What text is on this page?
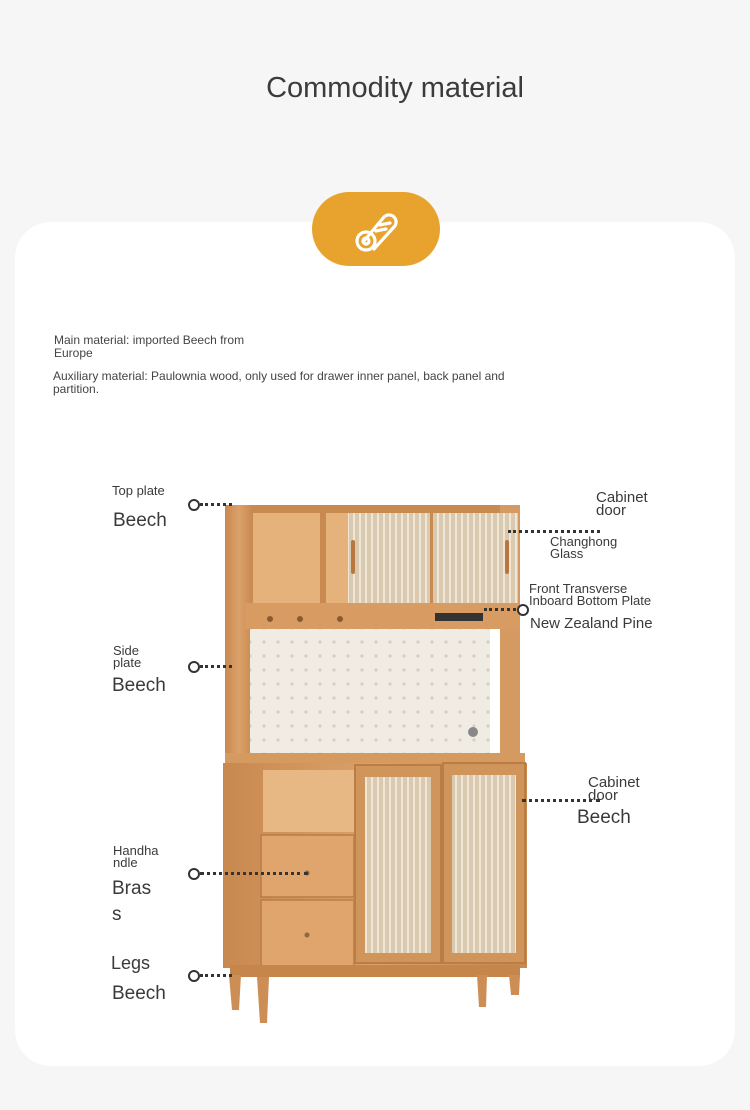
Commodity material
Main material: imported Beech from Europe
Auxiliary material: Paulownia wood, only used for drawer inner panel, back panel and partition.
Top plate
Beech
Side plate
Beech
Handhandle
Brass
Legs
Beech
Cabinet door
Changhong Glass
Front Transverse Inboard Bottom Plate
New Zealand Pine
Cabinet door
Beech
